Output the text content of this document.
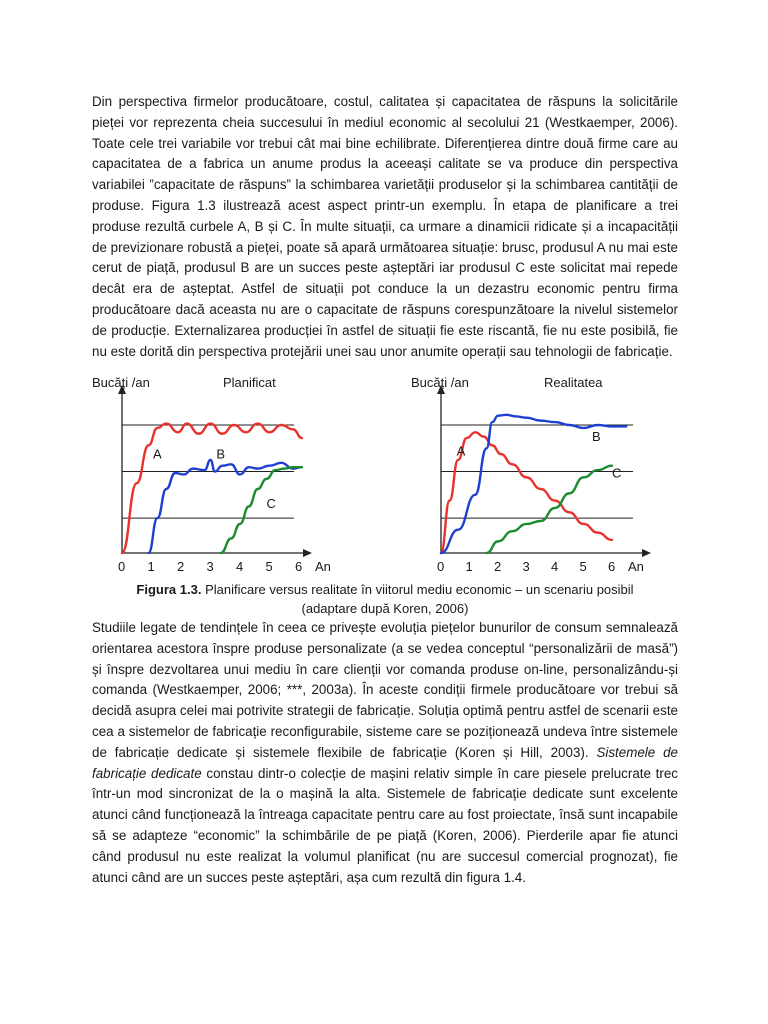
Din perspectiva firmelor producătoare, costul, calitatea și capacitatea de răspuns la solicitările pieței vor reprezenta cheia succesului în mediul economic al secolului 21 (Westkaemper, 2006). Toate cele trei variabile vor trebui cât mai bine echilibrate. Diferențierea dintre două firme care au capacitatea de a fabrica un anume produs la aceeași calitate se va produce din perspectiva variabilei ”capacitate de răspuns” la schimbarea varietății produselor și la schimbarea cantității de produse. Figura 1.3 ilustrează acest aspect printr-un exemplu. În etapa de planificare a trei produse rezultă curbele A, B și C. În multe situații, ca urmare a dinamicii ridicate și a incapacității de previzionare robustă a pieței, poate să apară următoarea situație: brusc, produsul A nu mai este cerut de piață, produsul B are un succes peste așteptări iar produsul C este solicitat mai repede decât era de așteptat. Astfel de situații pot conduce la un dezastru economic pentru firma producătoare dacă aceasta nu are o capacitate de răspuns corespunzătoare la nivelul sistemelor de producție. Externalizarea producției în astfel de situații fie este riscantă, fie nu este posibilă, fie nu este dorită din perspectiva protejării unei sau unor anumite operații sau tehnologii de fabricație.

Bucăți /an	Planificat
0 1 2 3 4 5 6 An
A	B
C
Bucăți /an	Realitatea
0 1 2 3 4 5 6 An
A
B
C
Figura 1.3. Planificare versus realitate în viitorul mediu economic – un scenariu posibil
(adaptare după Koren, 2006)

Studiile legate de tendințele în ceea ce privește evoluția piețelor bunurilor de consum semnalează orientarea acestora înspre produse personalizate (a se vedea conceptul “personalizării de masă”) și înspre dezvoltarea unui mediu în care clienții vor comanda produse on-line, personalizându-și comanda (Westkaemper, 2006; ***, 2003a). În aceste condiții firmele producătoare vor trebui să decidă asupra celei mai potrivite strategii de fabricație. Soluția optimă pentru astfel de scenarii este cea a sistemelor de fabricație reconfigurabile, sisteme care se poziționează undeva între sistemele de fabricație dedicate și sistemele flexibile de fabricație (Koren și Hill, 2003). Sistemele de fabricație dedicate constau dintr-o colecție de mașini relativ simple în care piesele prelucrate trec într-un mod sincronizat de la o mașină la alta. Sistemele de fabricație dedicate sunt excelente atunci când funcționează la întreaga capacitate pentru care au fost proiectate, însă sunt incapabile să se adapteze “economic” la schimbările de pe piață (Koren, 2006). Pierderile apar fie atunci când produsul nu este realizat la volumul planificat (nu are succesul comercial prognozat), fie atunci când are un succes peste așteptări, așa cum rezultă din figura 1.4.
